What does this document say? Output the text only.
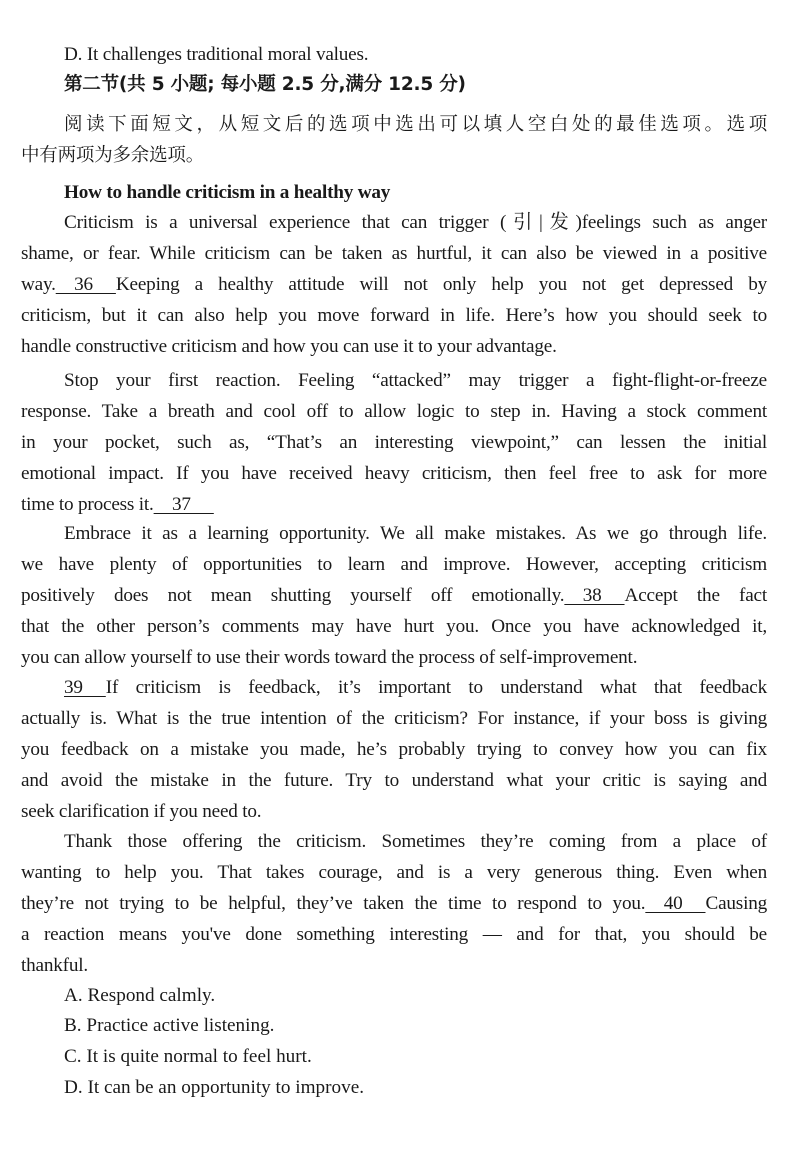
D. It challenges traditional moral values.
第二节(共 5 小题; 每小题 2.5 分,满分 12.5 分)
阅读下面短文，从短文后的选项中选出可以填人空白处的最佳选项。选项
中有两项为多余选项。
How to handle criticism in a healthy way
Criticism is a universal experience that can trigger (引|发)feelings such as anger
shame, or fear. While criticism can be taken as hurtful, it can also be viewed in a positive
way.    36     Keeping a healthy attitude will not only help you not get depressed by
criticism, but it can also help you move forward in life. Here’s how you should seek to
handle constructive criticism and how you can use it to your advantage.
Stop your first reaction. Feeling “attacked” may trigger a fight-flight-or-freeze
response. Take a breath and cool off to allow logic to step in. Having a stock comment
in your pocket, such as, “That’s an interesting viewpoint,” can lessen the initial
emotional impact. If you have received heavy criticism, then feel free to ask for more
time to process it.    37
Embrace it as a learning opportunity. We all make mistakes. As we go through life.
we have plenty of opportunities to learn and improve. However, accepting criticism
positively does not mean shutting yourself off emotionally.    38     Accept the fact
that the other person’s comments may have hurt you. Once you have acknowledged it,
you can allow yourself to use their words toward the process of self-improvement.
39     If criticism is feedback, it’s important to understand what that feedback
actually is. What is the true intention of the criticism? For instance, if your boss is giving
you feedback on a mistake you made, he’s probably trying to convey how you can fix
and avoid the mistake in the future. Try to understand what your critic is saying and
seek clarification if you need to.
Thank those offering the criticism. Sometimes they’re coming from a place of
wanting to help you. That takes courage, and is a very generous thing. Even when
they’re not trying to be helpful, they’ve taken the time to respond to you.    40     Causing
a reaction means you've done something interesting — and for that, you should be
thankful.
A. Respond calmly.
B. Practice active listening.
C. It is quite normal to feel hurt.
D. It can be an opportunity to improve.
